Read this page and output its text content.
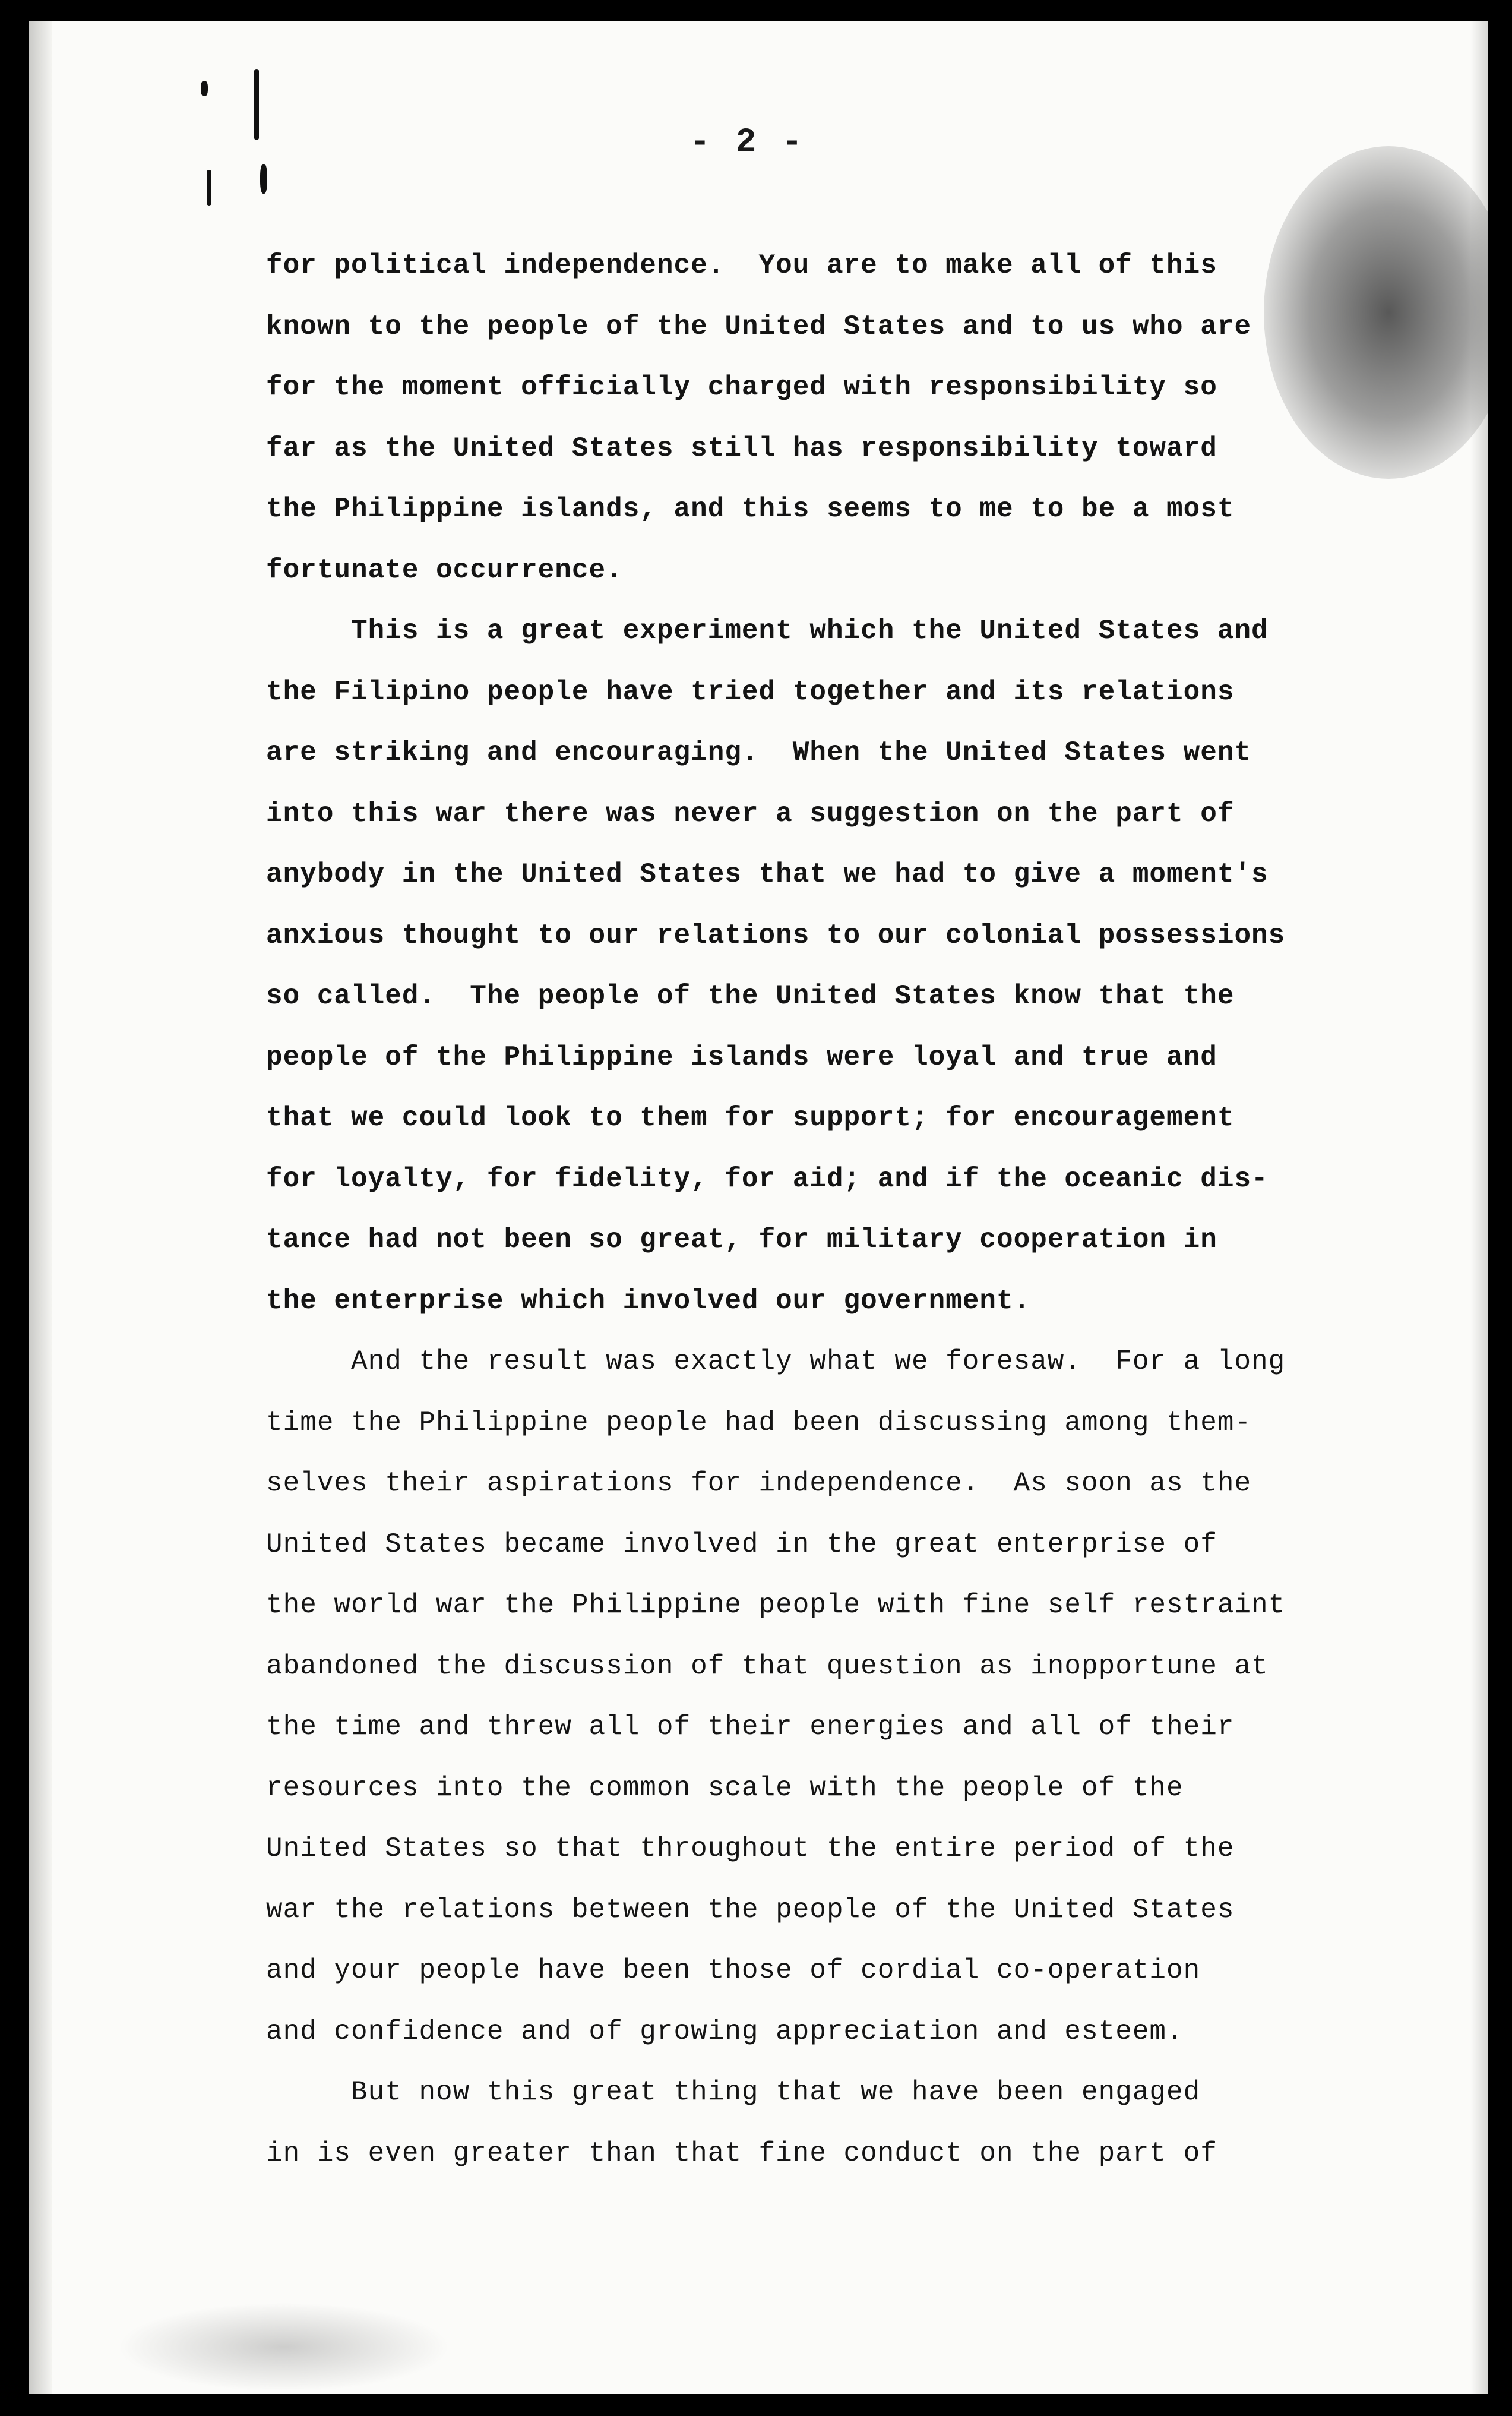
- 2 -
for political independence.  You are to make all of this
known to the people of the United States and to us who are
for the moment officially charged with responsibility so
far as the United States still has responsibility toward
the Philippine islands, and this seems to me to be a most
fortunate occurrence.
This is a great experiment which the United States and
the Filipino people have tried together and its relations
are striking and encouraging.  When the United States went
into this war there was never a suggestion on the part of
anybody in the United States that we had to give a moment's
anxious thought to our relations to our colonial possessions
so called.  The people of the United States know that the
people of the Philippine islands were loyal and true and
that we could look to them for support; for encouragement
for loyalty, for fidelity, for aid; and if the oceanic dis-
tance had not been so great, for military cooperation in
the enterprise which involved our government.
And the result was exactly what we foresaw.  For a long
time the Philippine people had been discussing among them-
selves their aspirations for independence.  As soon as the
United States became involved in the great enterprise of
the world war the Philippine people with fine self restraint
abandoned the discussion of that question as inopportune at
the time and threw all of their energies and all of their
resources into the common scale with the people of the
United States so that throughout the entire period of the
war the relations between the people of the United States
and your people have been those of cordial co-operation
and confidence and of growing appreciation and esteem.
But now this great thing that we have been engaged
in is even greater than that fine conduct on the part of
